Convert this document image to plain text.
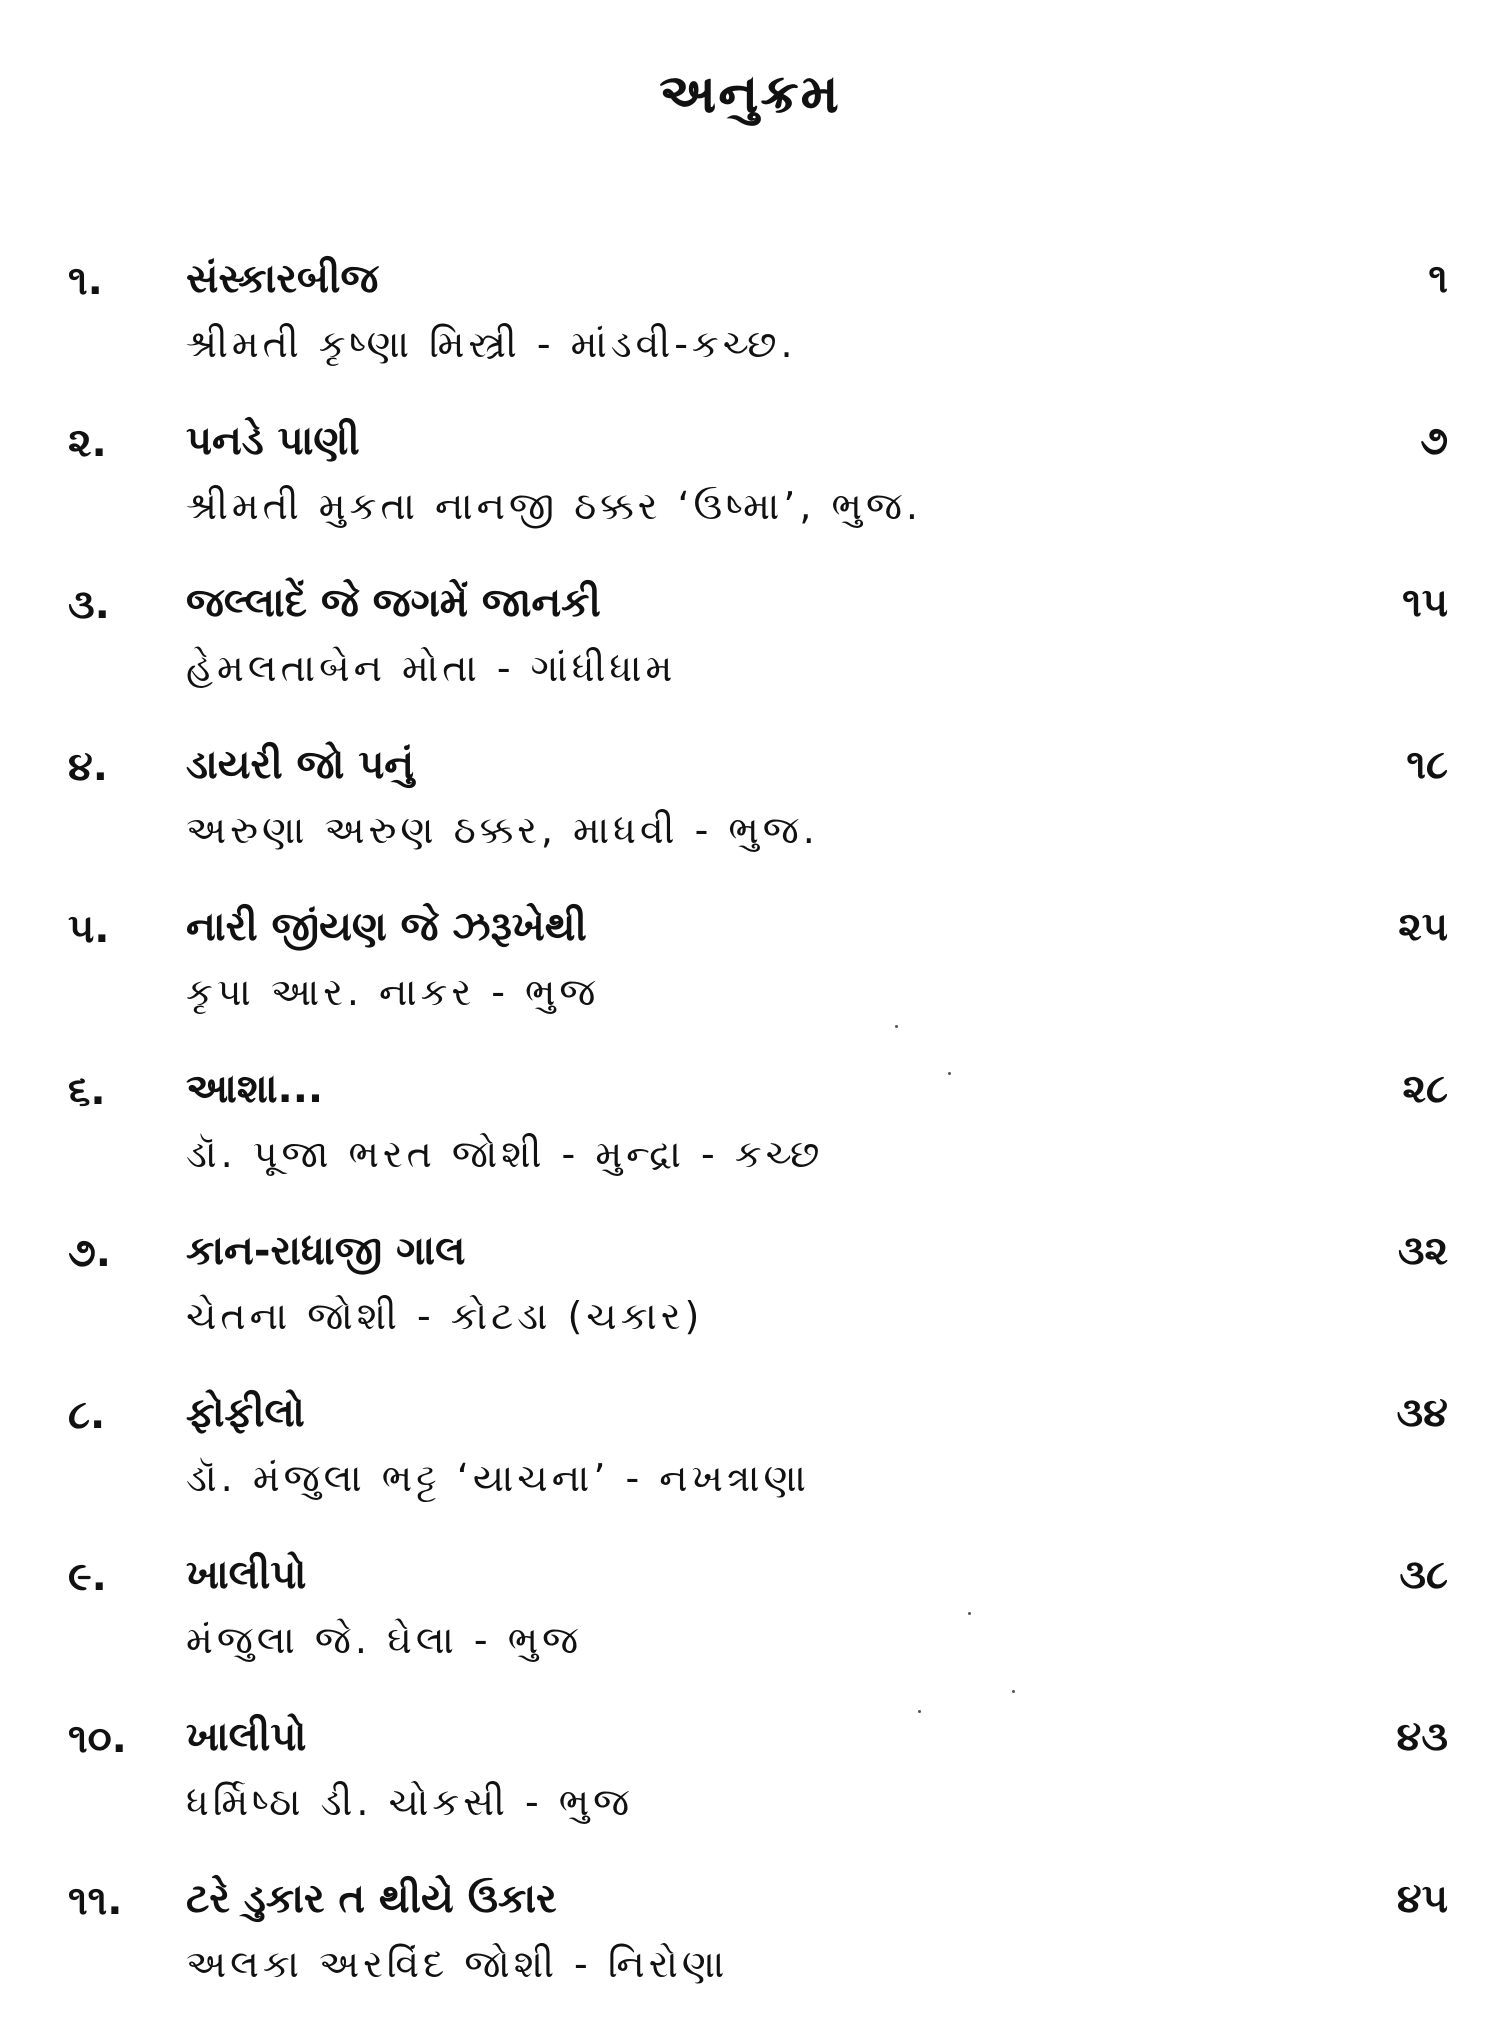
અનુક્રમ
૧. સંસ્કારબીજ	૧
શ્રીમતી કૃષ્ણા મિસ્ત્રી - માંડવી-કચ્છ.
૨. પનડે પાણી	૭
શ્રીમતી મુકતા નાનજી ઠક્કર ‘ઉષ્મા’, ભુજ.
૩. જલ્લાદેં જે જગમેં જાનકી	૧૫
હેમલતાબેન મોતા - ગાંધીધામ
૪. ડાયરી જો પનું	૧૮
અરુણા અરુણ ઠક્કર, માધવી - ભુજ.
૫. નારી જીંયણ જે ઝરૂખેથી	૨૫
કૃપા આર. નાકર - ભુજ
૬. આશા...	૨૮
ડૉ. પૂજા ભરત જોશી - મુન્દ્રા - કચ્છ
૭. કાન-રાધાજી ગાલ	૩૨
ચેતના જોશી - કોટડા (ચકાર)
૮. ફોફીલો	૩૪
ડૉ. મંજુલા ભટ્ટ ‘યાચના’ - નખત્રાણા
૯. ખાલીપો	૩૮
મંજુલા જે. ઘેલા - ભુજ
૧૦. ખાલીપો	૪૩
ધર્મિષ્ઠા ડી. ચોકસી - ભુજ
૧૧. ટરે ડુકાર ત થીયે ઉકાર	૪૫
અલકા અરવિંદ જોશી - નિરોણા
